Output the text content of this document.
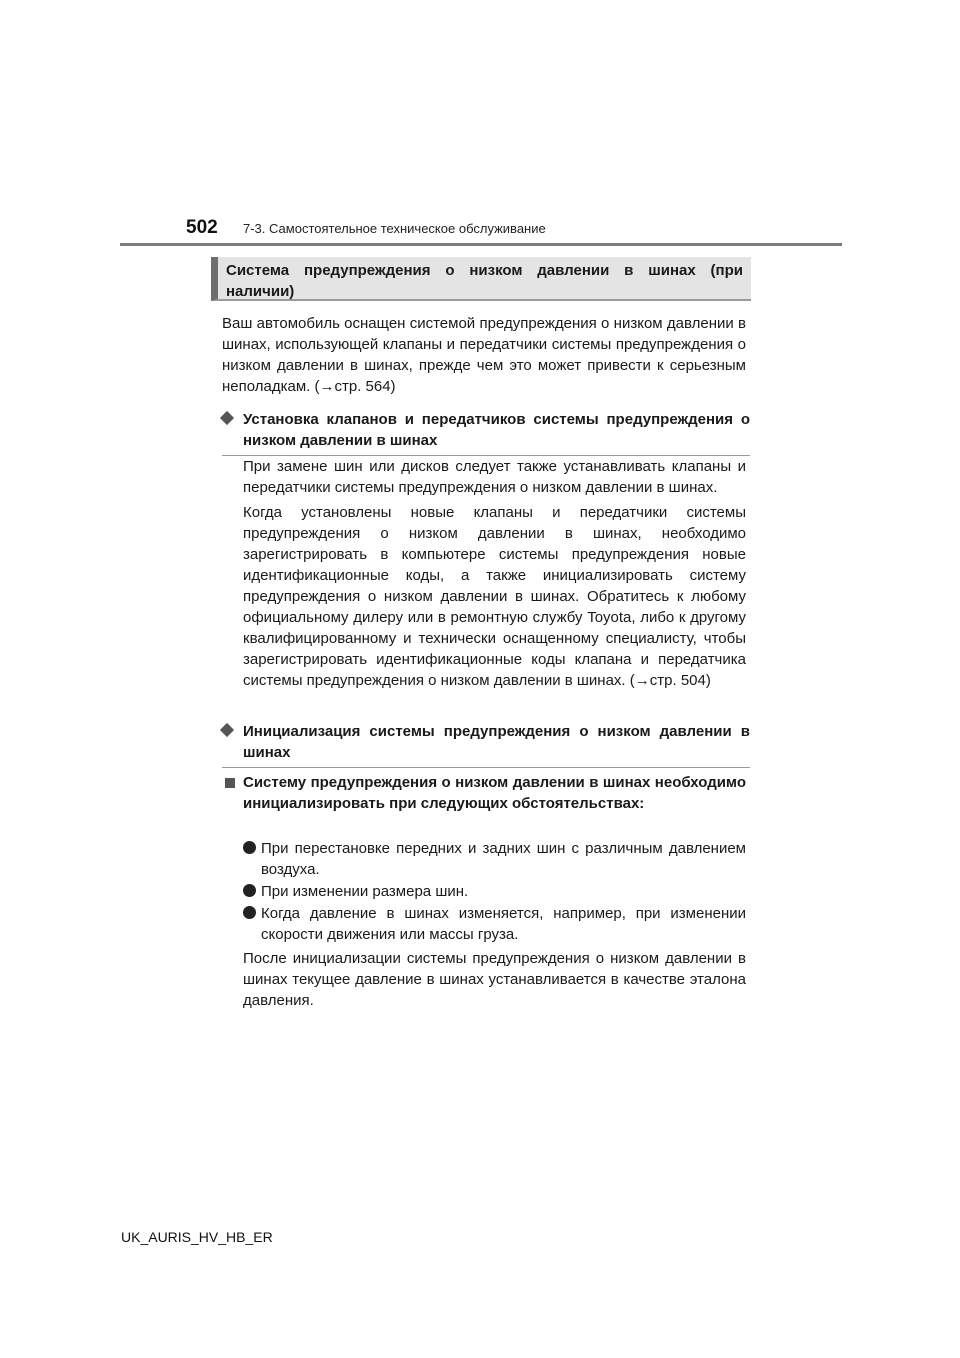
502 7-3. Самостоятельное техническое обслуживание
Система предупреждения о низком давлении в шинах (при наличии)

Ваш автомобиль оснащен системой предупреждения о низком давлении в шинах, использующей клапаны и передатчики системы предупреждения о низком давлении в шинах, прежде чем это может привести к серьезным неполадкам. (→стр. 564)

Установка клапанов и передатчиков системы предупреждения о низком давлении в шинах

При замене шин или дисков следует также устанавливать клапаны и передатчики системы предупреждения о низком давлении в шинах.

Когда установлены новые клапаны и передатчики системы предупреждения о низком давлении в шинах, необходимо зарегистрировать в компьютере системы предупреждения новые идентификационные коды, а также инициализировать систему предупреждения о низком давлении в шинах. Обратитесь к любому официальному дилеру или в ремонтную службу Toyota, либо к другому квалифицированному и технически оснащенному специалисту, чтобы зарегистрировать идентификационные коды клапана и передатчика системы предупреждения о низком давлении в шинах. (→стр. 504)

Инициализация системы предупреждения о низком давлении в шинах
Систему предупреждения о низком давлении в шинах необходимо инициализировать при следующих обстоятельствах:
При перестановке передних и задних шин с различным давлением воздуха.
При изменении размера шин.
Когда давление в шинах изменяется, например, при изменении скорости движения или массы груза.

После инициализации системы предупреждения о низком давлении в шинах текущее давление в шинах устанавливается в качестве эталона давления.

UK_AURIS_HV_HB_ER
